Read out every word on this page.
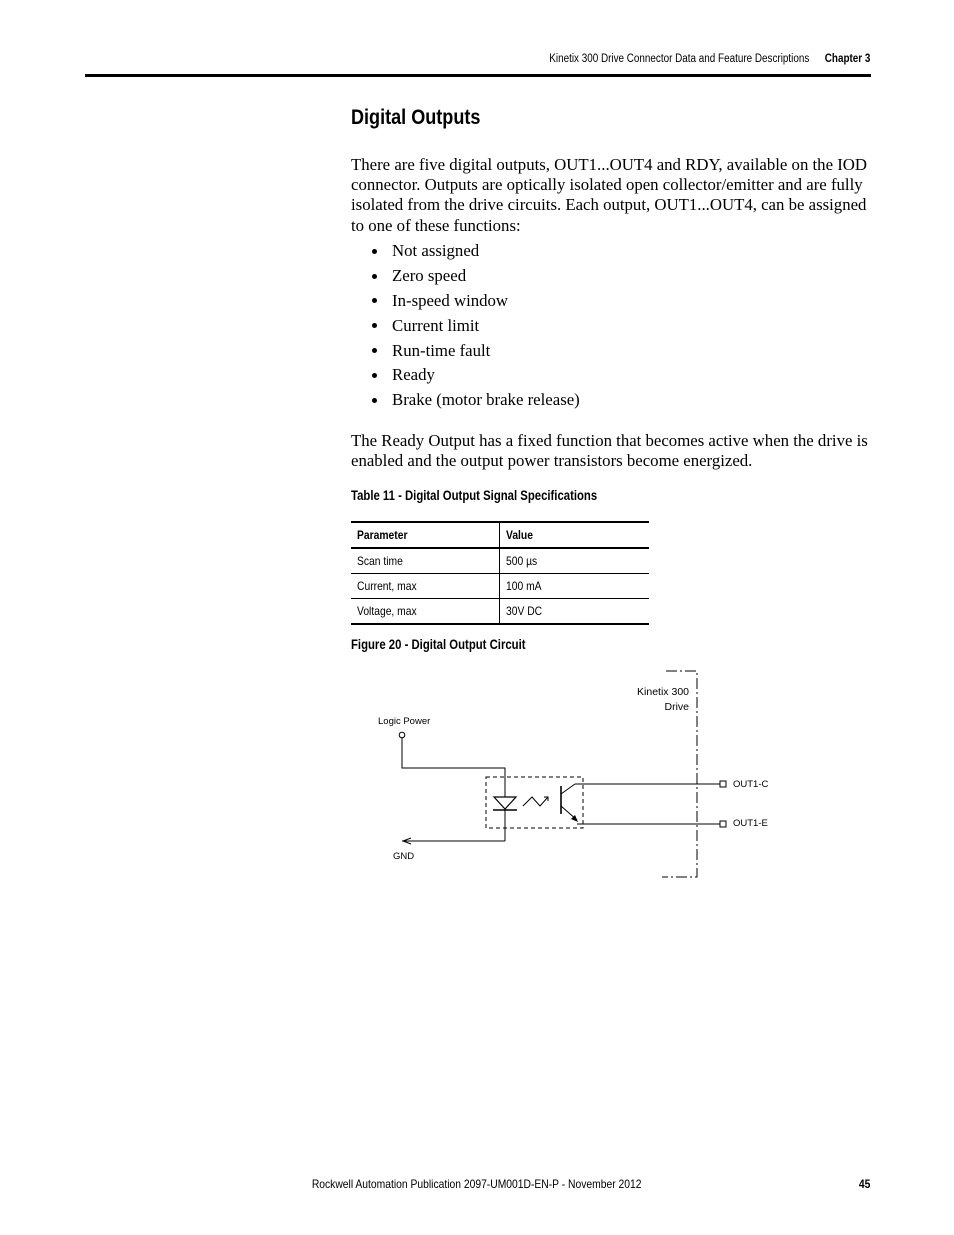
Kinetix 300 Drive Connector Data and Feature Descriptions Chapter 3
Digital Outputs
There are five digital outputs, OUT1...OUT4 and RDY, available on the IOD connector. Outputs are optically isolated open collector/emitter and are fully isolated from the drive circuits. Each output, OUT1...OUT4, can be assigned to one of these functions:
Not assigned
Zero speed
In-speed window
Current limit
Run-time fault
Ready
Brake (motor brake release)
The Ready Output has a fixed function that becomes active when the drive is enabled and the output power transistors become energized.
Table 11 - Digital Output Signal Specifications
Parameter	Value
Scan time	500 µs
Current, max	100 mA
Voltage, max	30V DC
Figure 20 - Digital Output Circuit
Kinetix 300
Drive
Logic Power
GND
OUT1-C
OUT1-E
Rockwell Automation Publication 2097-UM001D-EN-P - November 2012	45
